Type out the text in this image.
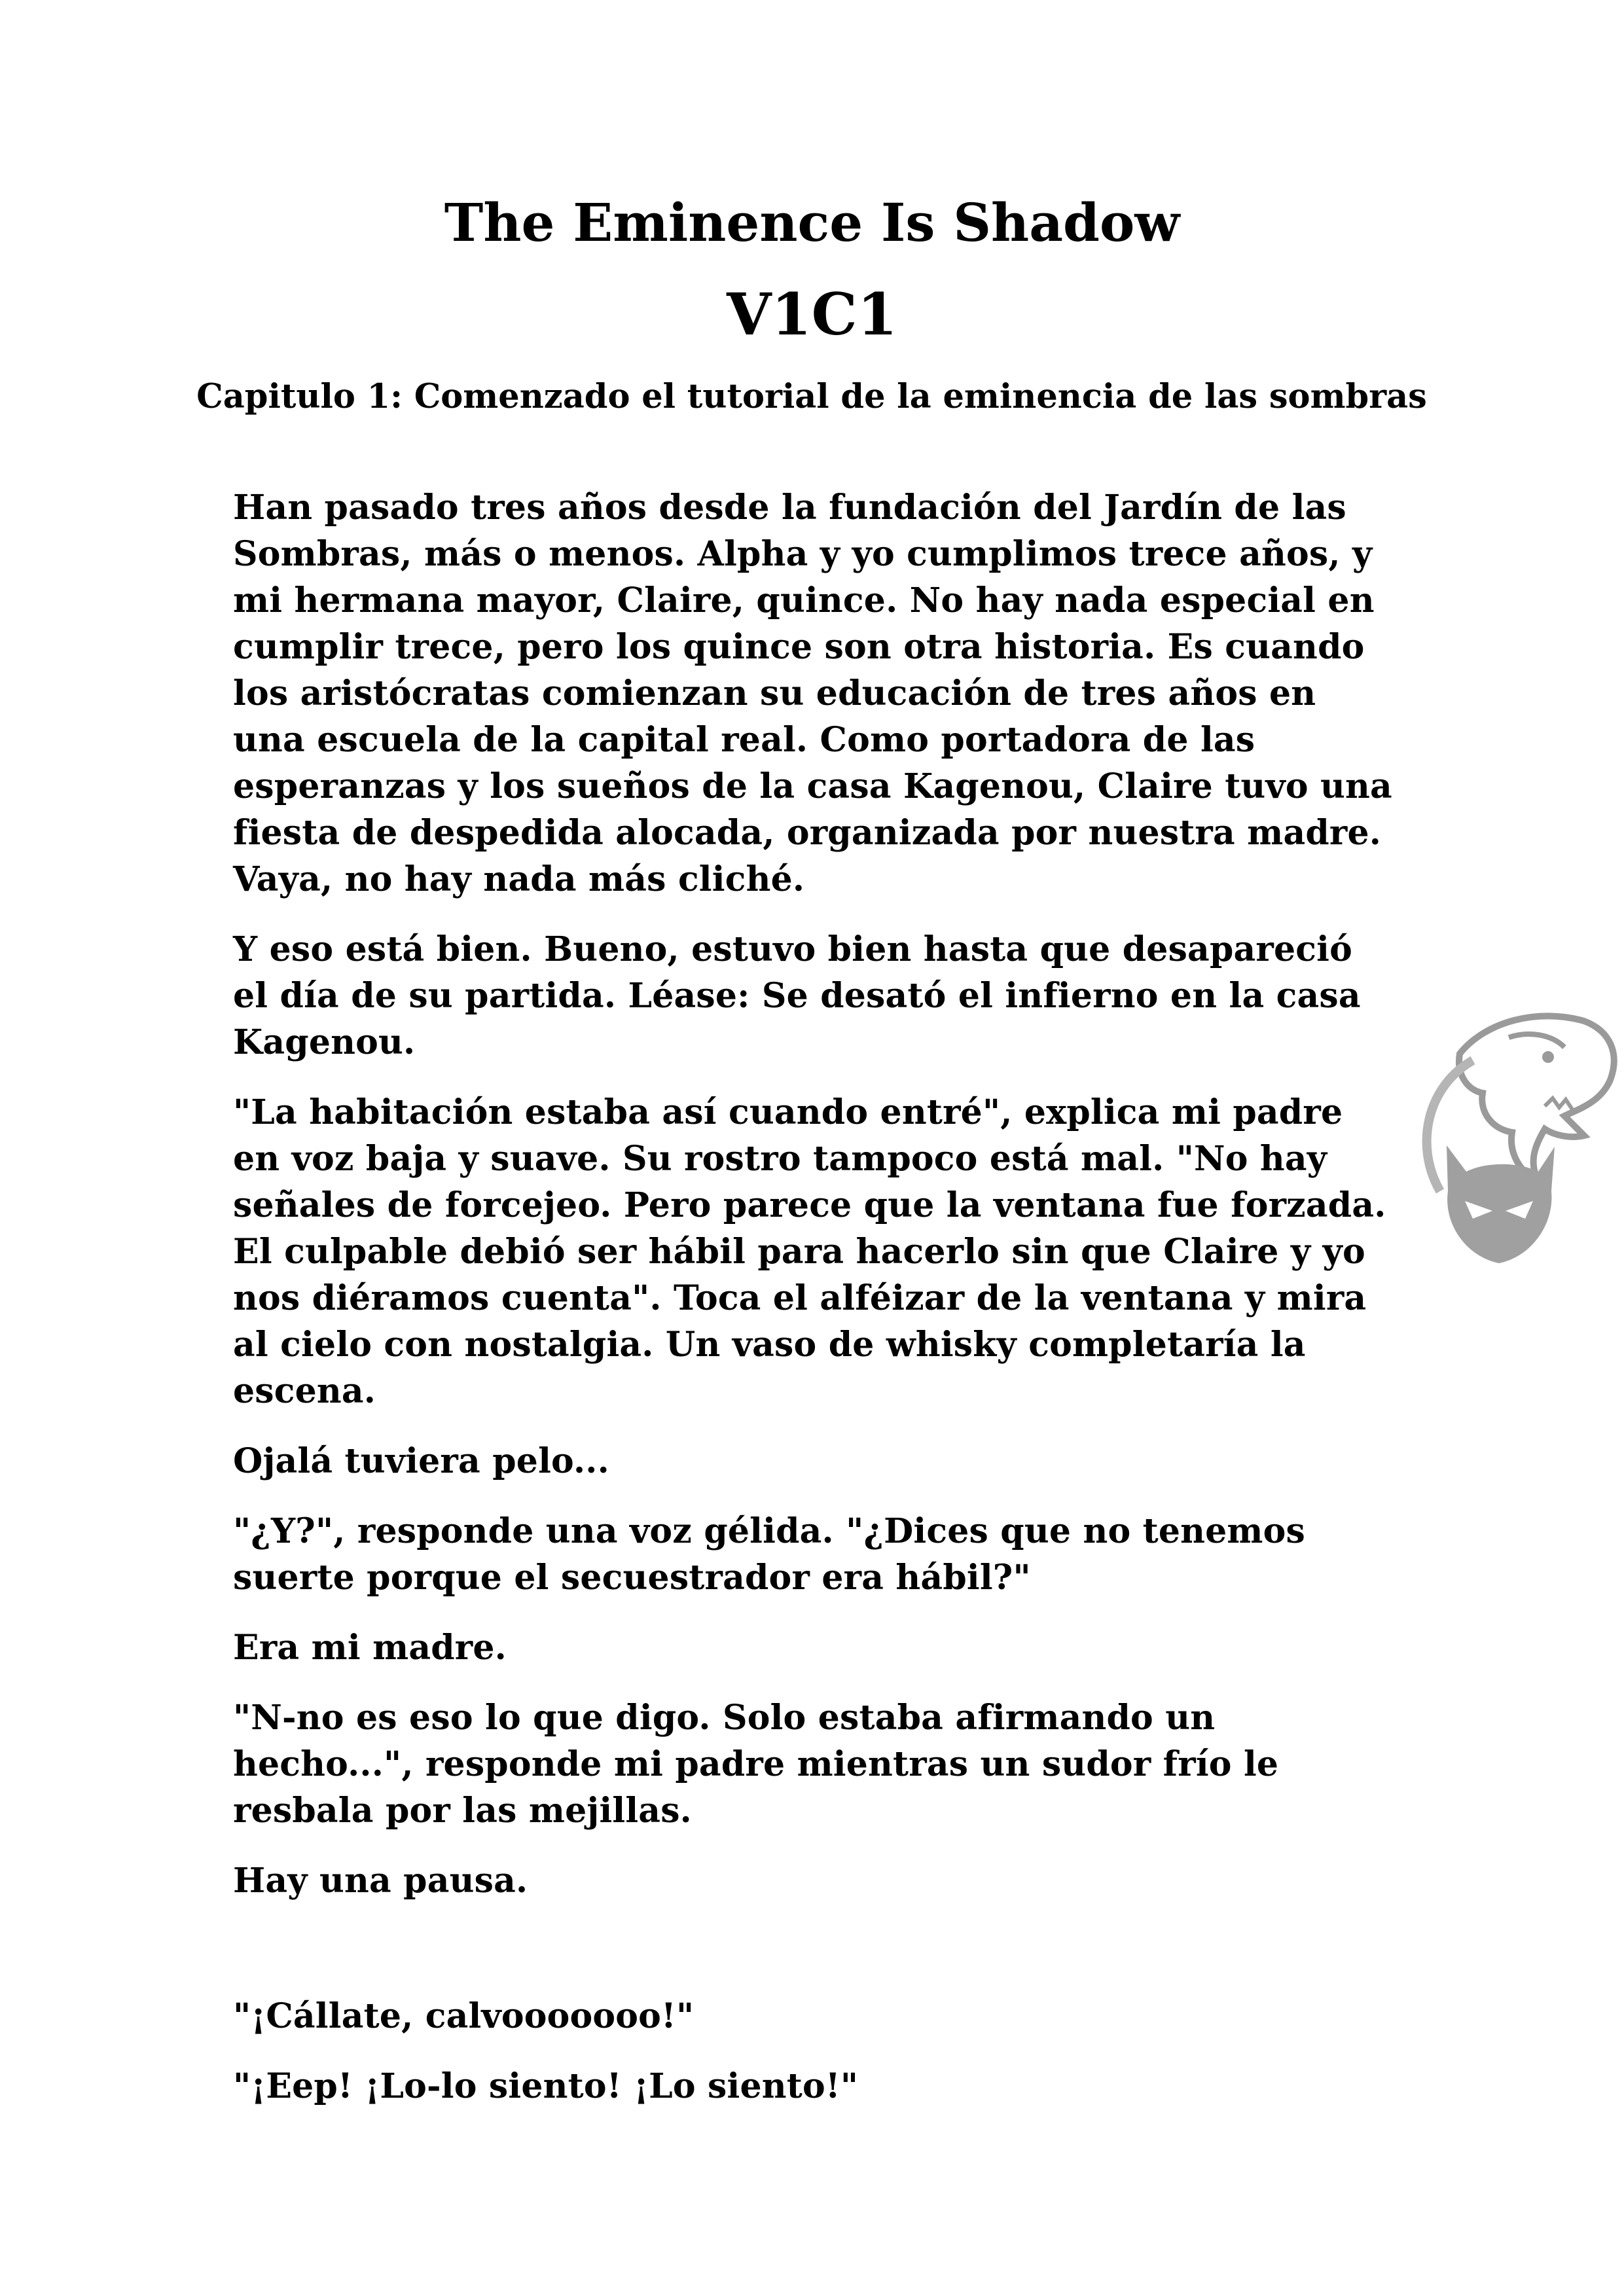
The Eminence Is Shadow
V1C1
Capitulo 1: Comenzado el tutorial de la eminencia de las sombras

Han pasado tres años desde la fundación del Jardín de las Sombras, más o menos. Alpha y yo cumplimos trece años, y mi hermana mayor, Claire, quince. No hay nada especial en cumplir trece, pero los quince son otra historia. Es cuando los aristócratas comienzan su educación de tres años en una escuela de la capital real. Como portadora de las esperanzas y los sueños de la casa Kagenou, Claire tuvo una fiesta de despedida alocada, organizada por nuestra madre. Vaya, no hay nada más cliché.

Y eso está bien. Bueno, estuvo bien hasta que desapareció el día de su partida. Léase: Se desató el infierno en la casa Kagenou.

"La habitación estaba así cuando entré", explica mi padre en voz baja y suave. Su rostro tampoco está mal. "No hay señales de forcejeo. Pero parece que la ventana fue forzada. El culpable debió ser hábil para hacerlo sin que Claire y yo nos diéramos cuenta". Toca el alféizar de la ventana y mira al cielo con nostalgia. Un vaso de whisky completaría la escena.

Ojalá tuviera pelo...

"¿Y?", responde una voz gélida. "¿Dices que no tenemos suerte porque el secuestrador era hábil?"

Era mi madre.

"N-no es eso lo que digo. Solo estaba afirmando un hecho...", responde mi padre mientras un sudor frío le resbala por las mejillas.

Hay una pausa.

"¡Cállate, calvooooooo!"

"¡Eep! ¡Lo-lo siento! ¡Lo siento!"
